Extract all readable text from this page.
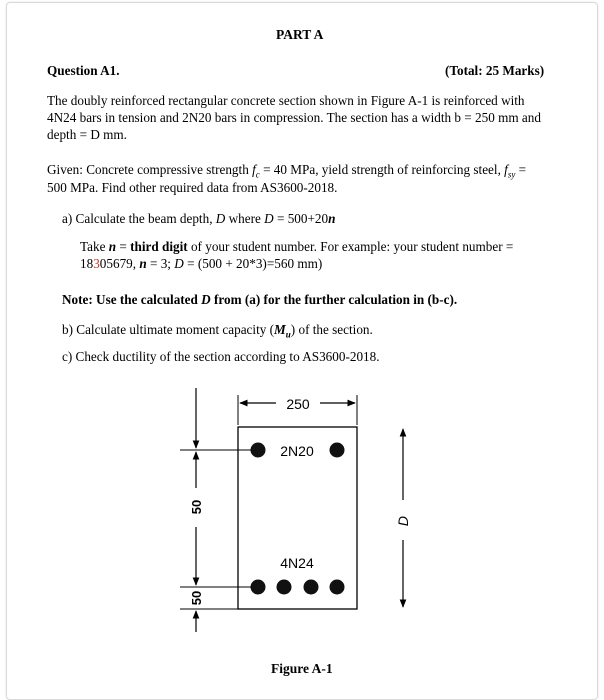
PART A
Question A1.	(Total: 25 Marks)
The doubly reinforced rectangular concrete section shown in Figure A-1 is reinforced with
4N24 bars in tension and 2N20 bars in compression. The section has a width b = 250 mm and
depth = D mm.
Given: Concrete compressive strength $f_c = 40$ MPa, yield strength of reinforcing steel, $f_{sy}$ =
500 MPa. Find other required data from AS3600-2018.
a) Calculate the beam depth, D where D = 500+20n
Take n = third digit of your student number. For example: your student number =
18305679, n = 3; D = (500 + 20*3)=560 mm)
Note: Use the calculated D from (a) for the further calculation in (b-c).
b) Calculate ultimate moment capacity $(M_u)$ of the section.
c) Check ductility of the section according to AS3600-2018.
250
2N20
4N24
50
50
D
Figure A-1
